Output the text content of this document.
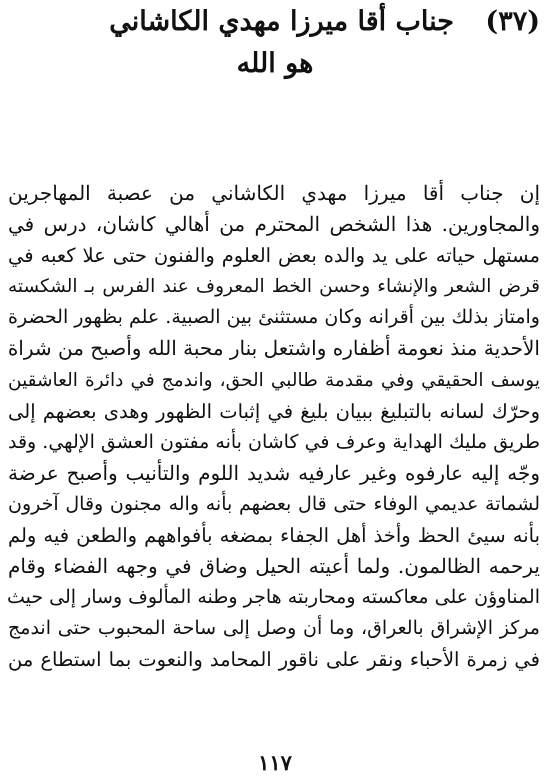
(٣٧)
جناب أقا ميرزا مهدي الكاشاني
هو الله
إن جناب أقا ميرزا مهدي الكاشاني من عصبة المهاجرين
والمجاورين. هذا الشخص المحترم من أهالي كاشان، درس في
مستهل حياته على يد والده بعض العلوم والفنون حتى علا كعبه في
قرض الشعر والإنشاء وحسن الخط المعروف عند الفرس بـ الشكسته
وامتاز بذلك بين أقرانه وكان مستثنئ بين الصبية. علم بظهور الحضرة
الأحدية منذ نعومة أظفاره واشتعل بنار محبة الله وأصبح من شراة
يوسف الحقيقي وفي مقدمة طالبي الحق، واندمج في دائرة العاشقين
وحرّك لسانه بالتبليغ ببيان بليغ في إثبات الظهور وهدى بعضهم إلى
طريق مليك الهداية وعرف في كاشان بأنه مفتون العشق الإلهي. وقد
وجّه إليه عارفوه وغير عارفيه شديد اللوم والتأنيب وأصبح عرضة
لشماتة عديمي الوفاء حتى قال بعضهم بأنه واله مجنون وقال آخرون
بأنه سيئ الحظ وأخذ أهل الجفاء بمضغه بأفواههم والطعن فيه ولم
يرحمه الظالمون. ولما أعيته الحيل وضاق في وجهه الفضاء وقام
المناوؤن على معاكسته ومحاربته هاجر وطنه المألوف وسار إلى حيث
مركز الإشراق بالعراق، وما أن وصل إلى ساحة المحبوب حتى اندمج
في زمرة الأحباء ونقر على ناقور المحامد والنعوت بما استطاع من
١١٧
